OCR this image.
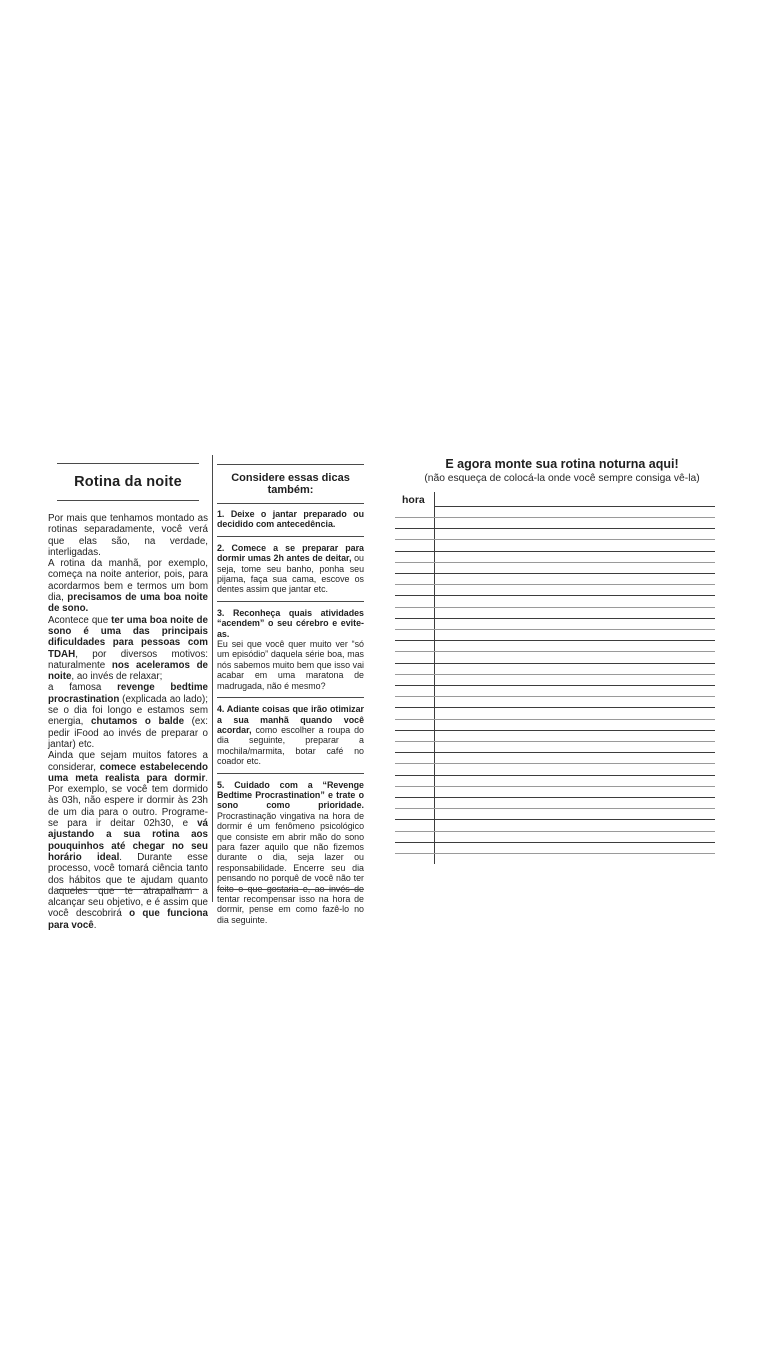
Rotina da noite

Por mais que tenhamos montado as rotinas separadamente, você verá que elas são, na verdade, interligadas.

A rotina da manhã, por exemplo, começa na noite anterior, pois, para acordarmos bem e termos um bom dia, precisamos de uma boa noite de sono.

Acontece que ter uma boa noite de sono é uma das principais dificuldades para pessoas com TDAH, por diversos motivos: naturalmente nos aceleramos de noite, ao invés de relaxar;

a famosa revenge bedtime procrastination (explicada ao lado); se o dia foi longo e estamos sem energia, chutamos o balde (ex: pedir iFood ao invés de preparar o jantar) etc.

Ainda que sejam muitos fatores a considerar, comece estabelecendo uma meta realista para dormir. Por exemplo, se você tem dormido às 03h, não espere ir dormir às 23h de um dia para o outro. Programe-se para ir deitar 02h30, e vá ajustando a sua rotina aos pouquinhos até chegar no seu horário ideal. Durante esse processo, você tomará ciência tanto dos hábitos que te ajudam quanto daqueles que te atrapalham a alcançar seu objetivo, e é assim que você descobrirá o que funciona para você.

Considere essas dicas também:

1. Deixe o jantar preparado ou decidido com antecedência.

2. Comece a se preparar para dormir umas 2h antes de deitar, ou seja, tome seu banho, ponha seu pijama, faça sua cama, escove os dentes assim que jantar etc.

3. Reconheça quais atividades “acendem” o seu cérebro e evite-as.

Eu sei que você quer muito ver “só um episódio” daquela série boa, mas nós sabemos muito bem que isso vai acabar em uma maratona de madrugada, não é mesmo?

4. Adiante coisas que irão otimizar a sua manhã quando você acordar, como escolher a roupa do dia seguinte, preparar a mochila/marmita, botar café no coador etc.

5. Cuidado com a “Revenge Bedtime Procrastination” e trate o sono como prioridade. Procrastinação vingativa na hora de dormir é um fenômeno psicológico que consiste em abrir mão do sono para fazer aquilo que não fizemos durante o dia, seja lazer ou responsabilidade. Encerre seu dia pensando no porquê de você não ter feito o que gostaria e, ao invés de tentar recompensar isso na hora de dormir, pense em como fazê-lo no dia seguinte.

E agora monte sua rotina noturna aqui!
(não esqueça de colocá-la onde você sempre consiga vê-la)
hora
